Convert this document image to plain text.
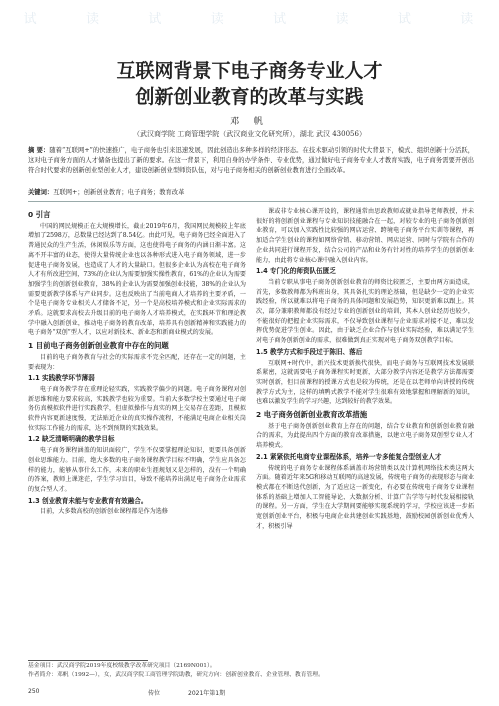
试	读	试	读	试	读	试	读
互联网背景下电子商务专业人才
创新创业教育的改革与实践
邓 帆
（武汉商学院 工商管理学院（武汉商业文化研究所），湖北 武汉 430056）
摘 要：随着“互联网+”的快速推广，电子商务也引来迅速发展，因此创造出多种多样的经济形态。在技术驱动引领的时代大背景下，模式、组织创新十分活跃，这对电子商务方面的人才储备也提出了新的要求。在这一背景下，利用自身的办学条件、专业优势，通过做好电子商务专业人才教育实践，电子商务需要开创出符合时代要求的创新创业型创业人才，建设创新创业型师资队伍，对与电子商务相关的创新创业教育进行全面改革。
关键词：互联网+；创新创业教育；电子商务；教育改革
0 引言

中国的网民规模正在大规模增长，截止2019年6月，我国网民规模较上年底增加了2598万，总数量已经达到了8.54亿。由此可见，电子商务已经全面进入了普通民众的生产生活，休闲娱乐等方面，这也使得电子商务的内涵日渐丰富。这离不开丰富的业态，使得大量传统企业也以各种形式进入电子商务领域，进一步促进电子商务发展，也造成了人才的大量缺口。但很多企业认为高校在电子商务人才有所改进空间，73%的企业认为需要加强实操性教育，61%的企业认为需要加强学生的创新创业教育，38%的企业认为需要加强创业技能，38%的企业认为需要更新教学体系与产业同步。这也反映出了当前电商人才培养的主要矛盾，一个是电子商务专业相关人才储备不足，另一个是高校培养模式和企业实际需求的矛盾。这就要求高校去升级目前的电子商务人才培养模式，在实践环节和理论教学中融入创新创业，推动电子商务的教育改革，培养具有创新精神和实践能力的电子商务“双创”型人才，以应对新技术、新业态和新商业模式的发展。

1 目前电子商务创新创业教育中存在的问题

目前的电子商务教育与社会的实际需求不完全匹配，还存在一定的问题，主要表现为：

1.1 实践教学环节薄弱

电子商务教学存在重理论轻实践，实践教学偏少的问题。电子商务课程对创新思维和能力要求较高，实践教学也较为重要。当前大多数学校主要通过电子商务仿真模拟软件进行实践教学，但虚拟操作与真实的网上交易存在差距，且模拟软件内容更新速度慢，无法贴近企业的真实操作流程，不能满足电商企业相关岗位实际工作能力的需求，达不到预期的实践效果。

1.2 缺乏清晰明确的教学目标

电子商务课程涵盖的知识面较广，学生不仅要掌握理论知识，更要具备创新创业思维能力。目前，绝大多数的电子商务课程教学目标不明确，学生应具备怎样的能力，能够从事什么工作，未来的职业生涯规划又是怎样的，没有一个明确的答案，教师上课迷茫，学生学习盲目，导致不能培养出满足电子商务企业需求的复合型人才。

1.3 创业教育未能与专业教育有效融合。

目前，大多数高校的创新创业课程都是作为选修

课或非专业核心课开设的，课程通常由思政教师或就业指导老师教授，并未很好的将创新创业课程与专业知识技能融合在一起，对较专业的电子商务创新创业教育，可以加入实践性比较强的网店运营、跨境电子商务平台实训等课程，再加适合学生创业的课程如网络营销、移动营销、网店运营、同时与学院有合作的企业共同进行课程开发，结合公司的产品和业务有针对性的培养学生的创新创业能力，由此将专业核心课中融入创业内容。

1.4 专门化的师资队伍匮乏

当前专职从事电子商务创新创业教育的师资比较匮乏，主要由两方面造成，首先，多数教师都为科班出身，其具备扎实的理论基础，但是缺少一定的企业实践经验，所以就难以将电子商务的具体问题和发展趋势，知识更新难以跟上。其次，部分兼职教师都没有经过专业的创新创业的培训，其本人创业经历也较少，不能很好的把握企业实际需求，不仅导致创业课程与企业需求对接不足，难以发挥优势促进学生创业。因此，由于缺乏企业合作与创业实际经验，难以满足学生对电子商务创新创业的需求，很难做到真正实现对电子商务双创教学目标。

1.5 教学方式和手段过于陈旧、落后

互联网+时代中，新兴技术更新换代很快，而电子商务与互联网技术发展联系紧密，这就需要电子商务课程实时更新，大部分教学内容还是教学方法都需要实时创新，但目前课程的授课方式也是较为传统，还是在以老师单向讲授的传统教学方式为主，这样的填鸭式教学不能对学生很难有效地掌握和理解新的知识，也难以激发学生的学习兴趣，达到较好的教学效果。

2 电子商务创新创业教育改革措施

基于电子商务创新创业教育上存在的问题，结合专业教育和创新创业教育融合的需求，为此提出四个方面的教育改革措施，以建立电子商务双创型专业人才培养模式。

2.1 紧紧依托电商专业课程体系，培养一专多能复合型创业人才

传统的电子商务专业课程体系涵盖市场营销类以及计算机网络技术类这两大方面。随着近年来5G和移动互联网的高速发展，传统电子商务的表现形态与商业模式都在不断迭代创新，为了适应这一新变化，有必要在传统电子商务专业课程体系的基础上增加人工智能导论、大数据分析、计算广告学等与时代发展相接轨的课程。另一方面，学生在大学期间要能够实现系统的学习，学校应该进一步拓宽创新创业平台，积极与电商企业共建创业实践基地，鼓励校园创新创业优秀人才，积极引导

基金项目：武汉商学院2019年度校级教学改革研究项目（2169N001）。
作者简介：邓帆（1992—），女，武汉商学院工商管理学院助教，研究方向：创新创业教育、企业管理、教育管理。
250	传位	2021年第1期
